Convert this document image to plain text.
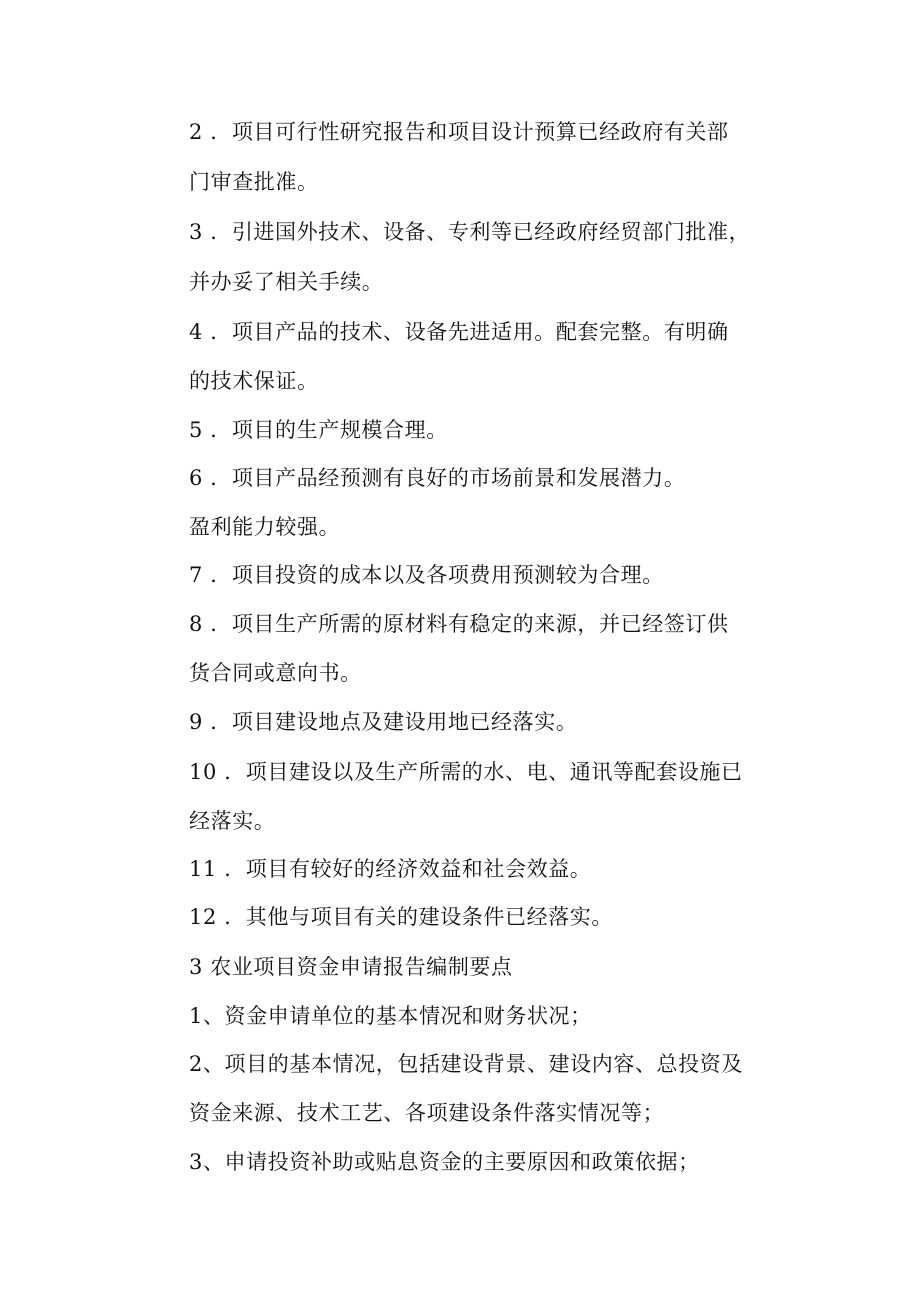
2 ．项目可行性研究报告和项目设计预算已经政府有关部
门审查批准。
3 ．引进国外技术、设备、专利等已经政府经贸部门批准，
并办妥了相关手续。
4 ．项目产品的技术、设备先进适用。配套完整。有明确
的技术保证。
5 ．项目的生产规模合理。
6 ．项目产品经预测有良好的市场前景和发展潜力。
盈利能力较强。
7 ．项目投资的成本以及各项费用预测较为合理。
8 ．项目生产所需的原材料有稳定的来源，并已经签订供
货合同或意向书。
9 ．项目建设地点及建设用地已经落实。
10 ．项目建设以及生产所需的水、电、通讯等配套设施已
经落实。
11 ．项目有较好的经济效益和社会效益。
12 ．其他与项目有关的建设条件已经落实。
3 农业项目资金申请报告编制要点
1、资金申请单位的基本情况和财务状况；
2、项目的基本情况，包括建设背景、建设内容、总投资及
资金来源、技术工艺、各项建设条件落实情况等；
3、申请投资补助或贴息资金的主要原因和政策依据；
